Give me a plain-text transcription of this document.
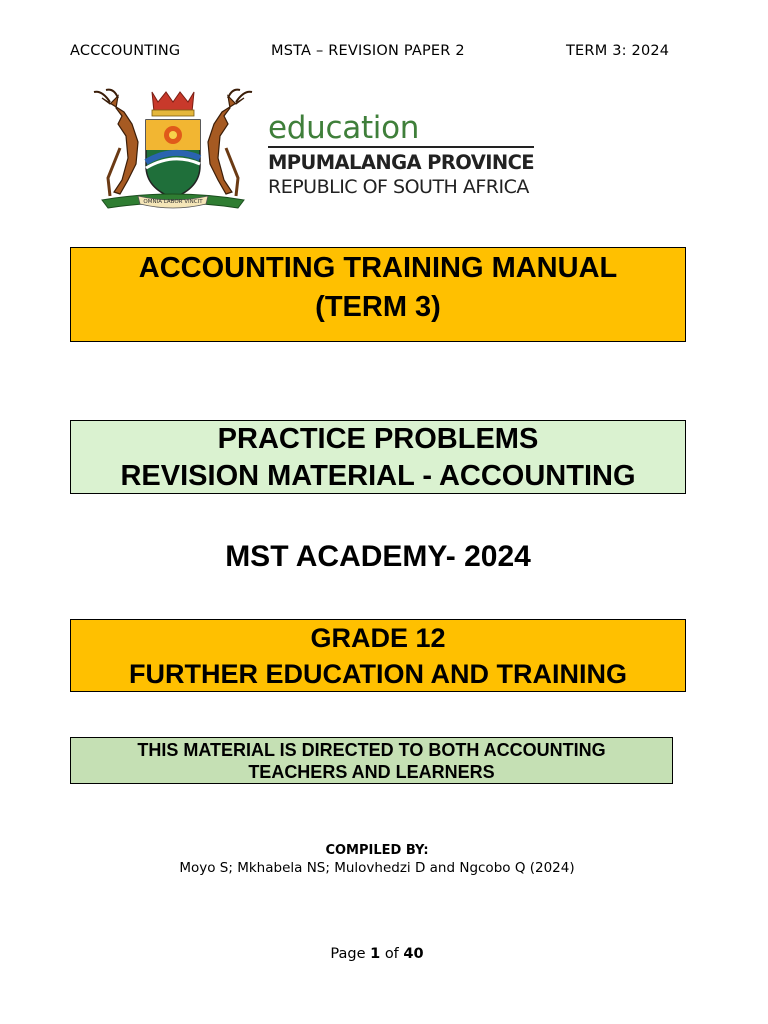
ACCCOUNTING	MSTA – REVISION PAPER 2	TERM 3: 2024
OMNIA LABOR VINCIT
education
MPUMALANGA PROVINCE
REPUBLIC OF SOUTH AFRICA
ACCOUNTING TRAINING MANUAL
(TERM 3)
PRACTICE PROBLEMS
REVISION MATERIAL - ACCOUNTING
MST ACADEMY- 2024
GRADE 12
FURTHER EDUCATION AND TRAINING
THIS MATERIAL IS DIRECTED TO BOTH ACCOUNTING
TEACHERS AND LEARNERS
COMPILED BY:
Moyo S; Mkhabela NS; Mulovhedzi D and Ngcobo Q (2024)
Page 1 of 40
